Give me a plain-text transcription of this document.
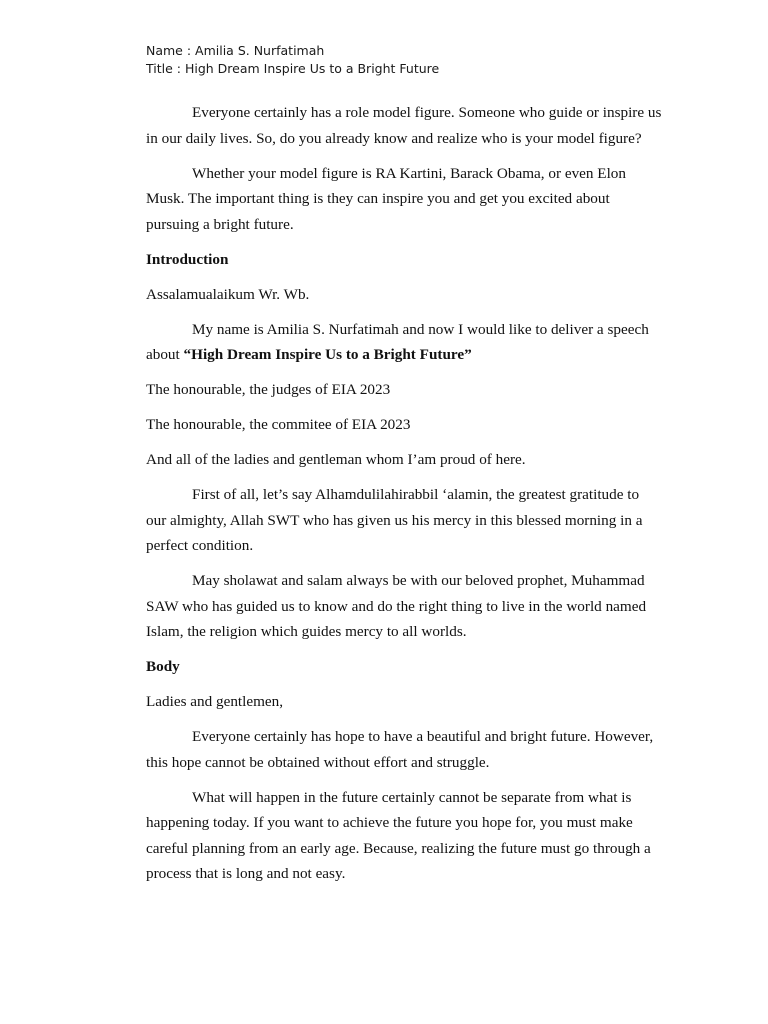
Name : Amilia S. Nurfatimah
Title : High Dream Inspire Us to a Bright Future

Everyone certainly has a role model figure. Someone who guide or inspire us in our daily lives. So, do you already know and realize who is your model figure?

Whether your model figure is RA Kartini, Barack Obama, or even Elon Musk. The important thing is they can inspire you and get you excited about pursuing a bright future.

Introduction

Assalamualaikum Wr. Wb.

My name is Amilia S. Nurfatimah and now I would like to deliver a speech about “High Dream Inspire Us to a Bright Future”

The honourable, the judges of EIA 2023

The honourable, the commitee of EIA 2023

And all of the ladies and gentleman whom I’am proud of here.

First of all, let’s say Alhamdulilahirabbil ‘alamin, the greatest gratitude to our almighty, Allah SWT who has given us his mercy in this blessed morning in a perfect condition.

May sholawat and salam always be with our beloved prophet, Muhammad SAW who has guided us to know and do the right thing to live in the world named Islam, the religion which guides mercy to all worlds.

Body

Ladies and gentlemen,

Everyone certainly has hope to have a beautiful and bright future. However, this hope cannot be obtained without effort and struggle.

What will happen in the future certainly cannot be separate from what is happening today. If you want to achieve the future you hope for, you must make careful planning from an early age. Because, realizing the future must go through a process that is long and not easy.
